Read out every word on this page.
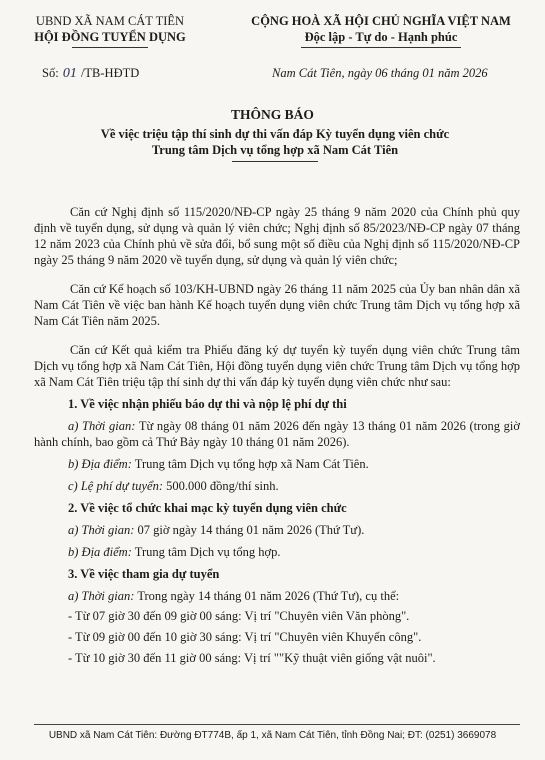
UBND XÃ NAM CÁT TIÊN
HỘI ĐỒNG TUYỂN DỤNG
CỘNG HOÀ XÃ HỘI CHỦ NGHĨA VIỆT NAM
Độc lập - Tự do - Hạnh phúc
Số: 01 /TB-HĐTD	Nam Cát Tiên, ngày 06 tháng 01 năm 2026
THÔNG BÁO
Về việc triệu tập thí sinh dự thi vấn đáp Kỳ tuyển dụng viên chức
Trung tâm Dịch vụ tổng hợp xã Nam Cát Tiên

Căn cứ Nghị định số 115/2020/NĐ-CP ngày 25 tháng 9 năm 2020 của Chính phủ quy định về tuyển dụng, sử dụng và quản lý viên chức; Nghị định số 85/2023/NĐ-CP ngày 07 tháng 12 năm 2023 của Chính phủ về sửa đổi, bổ sung một số điều của Nghị định số 115/2020/NĐ-CP ngày 25 tháng 9 năm 2020 về tuyển dụng, sử dụng và quản lý viên chức;

Căn cứ Kế hoạch số 103/KH-UBND ngày 26 tháng 11 năm 2025 của Ủy ban nhân dân xã Nam Cát Tiên về việc ban hành Kế hoạch tuyển dụng viên chức Trung tâm Dịch vụ tổng hợp xã Nam Cát Tiên năm 2025.

Căn cứ Kết quả kiểm tra Phiếu đăng ký dự tuyển kỳ tuyển dụng viên chức Trung tâm Dịch vụ tổng hợp xã Nam Cát Tiên, Hội đồng tuyển dụng viên chức Trung tâm Dịch vụ tổng hợp xã Nam Cát Tiên triệu tập thí sinh dự thi vấn đáp kỳ tuyển dụng viên chức như sau:

1. Về việc nhận phiếu báo dự thi và nộp lệ phí dự thi
a) Thời gian: Từ ngày 08 tháng 01 năm 2026 đến ngày 13 tháng 01 năm 2026 (trong giờ hành chính, bao gồm cả Thứ Bảy ngày 10 tháng 01 năm 2026).
b) Địa điểm: Trung tâm Dịch vụ tổng hợp xã Nam Cát Tiên.
c) Lệ phí dự tuyển: 500.000 đồng/thí sinh.
2. Về việc tổ chức khai mạc kỳ tuyển dụng viên chức
a) Thời gian: 07 giờ ngày 14 tháng 01 năm 2026 (Thứ Tư).
b) Địa điểm: Trung tâm Dịch vụ tổng hợp.
3. Về việc tham gia dự tuyển
a) Thời gian: Trong ngày 14 tháng 01 năm 2026 (Thứ Tư), cụ thể:
- Từ 07 giờ 30 đến 09 giờ 00 sáng: Vị trí "Chuyên viên Văn phòng".
- Từ 09 giờ 00 đến 10 giờ 30 sáng: Vị trí "Chuyên viên Khuyến công".
- Từ 10 giờ 30 đến 11 giờ 00 sáng: Vị trí ""Kỹ thuật viên giống vật nuôi".
UBND xã Nam Cát Tiên: Đường ĐT774B, ấp 1, xã Nam Cát Tiên, tỉnh Đồng Nai; ĐT: (0251) 3669078
